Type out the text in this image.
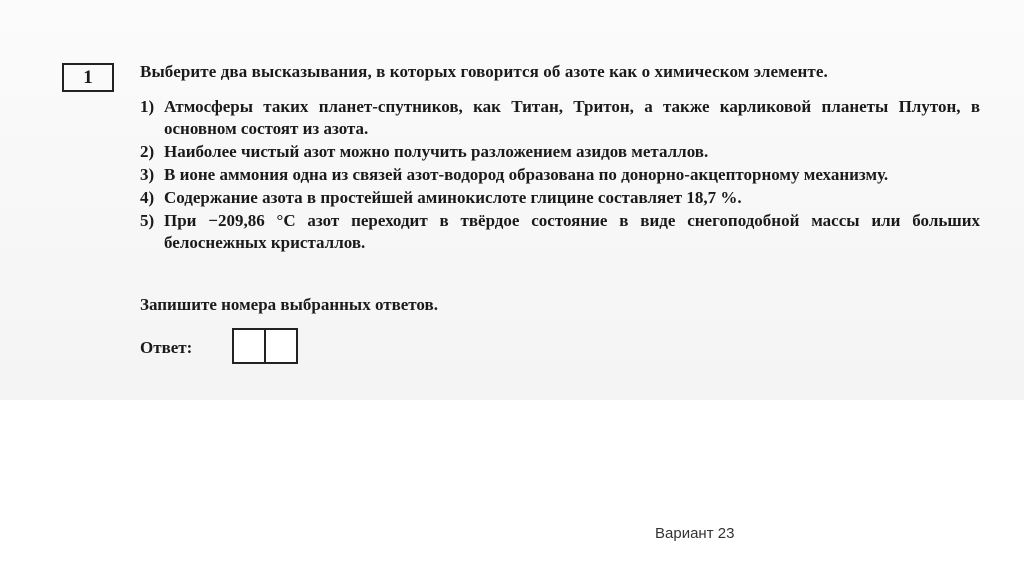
1	Выберите два высказывания, в которых говорится об азоте как о химическом элементе.
1) Атмосферы таких планет-спутников, как Титан, Тритон, а также карликовой планеты Плутон, в основном состоят из азота.
2) Наиболее чистый азот можно получить разложением азидов металлов.
3) В ионе аммония одна из связей азот-водород образована по донорно-акцепторному механизму.
4) Содержание азота в простейшей аминокислоте глицине составляет 18,7 %.
5) При −209,86 °С азот переходит в твёрдое состояние в виде снегоподобной массы или больших белоснежных кристаллов.
Запишите номера выбранных ответов.
Ответ:
Вариант 23
